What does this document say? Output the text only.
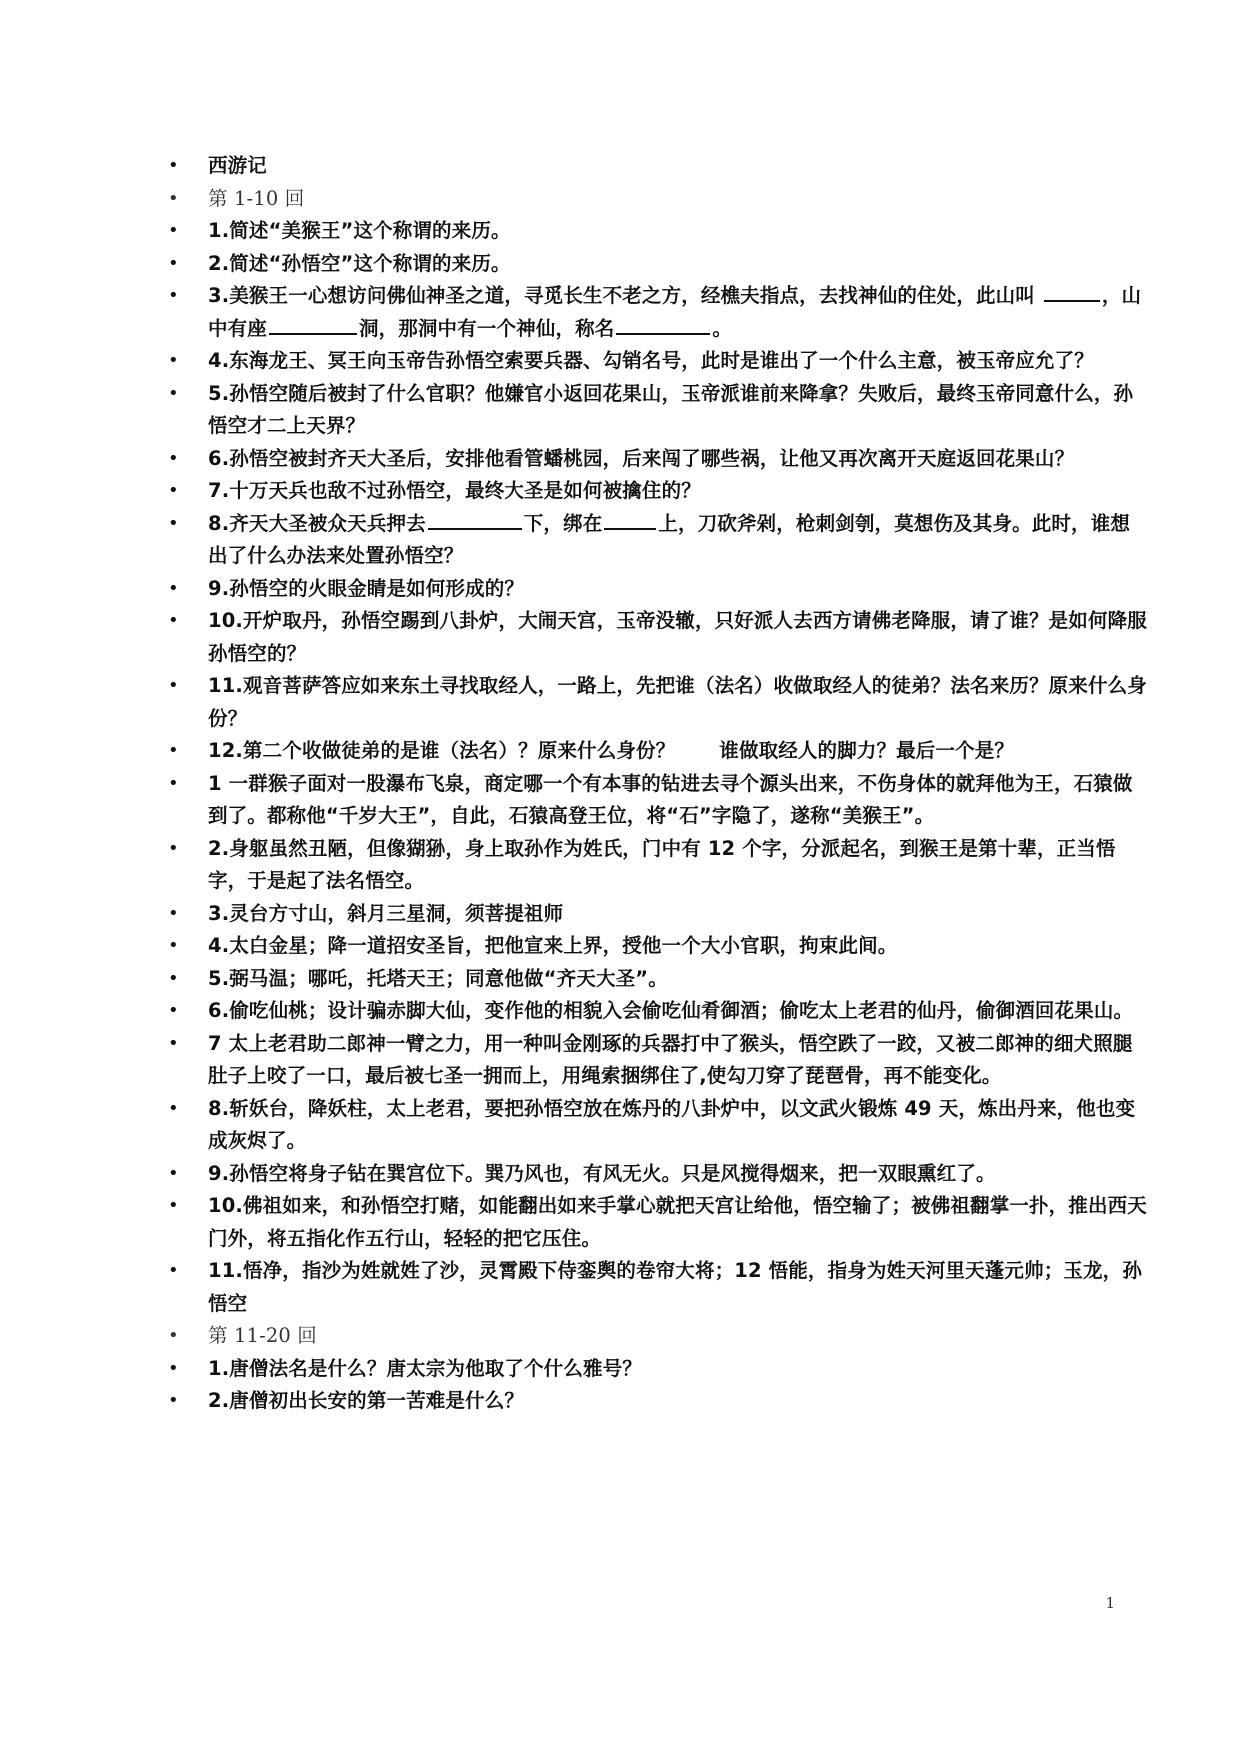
• 西游记
• 第 1-10 回
• 1.简述“美猴王”这个称谓的来历。
• 2.简述“孙悟空”这个称谓的来历。
• 3.美猴王一心想访问佛仙神圣之道，寻觅长生不老之方，经樵夫指点，去找神仙的住处，此山叫	，山中有座	洞，那洞中有一个神仙，称名	。
• 4.东海龙王、冥王向玉帝告孙悟空索要兵器、勾销名号，此时是谁出了一个什么主意，被玉帝应允了？
• 5.孙悟空随后被封了什么官职？他嫌官小返回花果山，玉帝派谁前来降拿？失败后，最终玉帝同意什么，孙悟空才二上天界？
• 6.孙悟空被封齐天大圣后，安排他看管蟠桃园，后来闯了哪些祸，让他又再次离开天庭返回花果山？
• 7.十万天兵也敌不过孙悟空，最终大圣是如何被擒住的？
• 8.齐天大圣被众天兵押去	下，绑在	上，刀砍斧剁，枪刺剑刳，莫想伤及其身。此时，谁想出了什么办法来处置孙悟空？
• 9.孙悟空的火眼金睛是如何形成的？
• 10.开炉取丹，孙悟空踢到八卦炉，大闹天宫，玉帝没辙，只好派人去西方请佛老降服，请了谁？是如何降服孙悟空的？
• 11.观音菩萨答应如来东土寻找取经人，一路上，先把谁（法名）收做取经人的徒弟？法名来历？原来什么身份？
• 12.第二个收做徒弟的是谁（法名）？原来什么身份？ 谁做取经人的脚力？最后一个是？
• 1 一群猴子面对一股瀑布飞泉，商定哪一个有本事的钻进去寻个源头出来，不伤身体的就拜他为王，石猿做到了。都称他“千岁大王”，自此，石猿高登王位，将“石”字隐了，遂称“美猴王”。
• 2.身躯虽然丑陋，但像猢狲，身上取孙作为姓氏，门中有 12 个字，分派起名，到猴王是第十辈，正当悟字，于是起了法名悟空。
• 3.灵台方寸山，斜月三星洞，须菩提祖师
• 4.太白金星；降一道招安圣旨，把他宣来上界，授他一个大小官职，拘束此间。
• 5.弼马温；哪吒，托塔天王；同意他做“齐天大圣”。
• 6.偷吃仙桃；设计骗赤脚大仙，变作他的相貌入会偷吃仙肴御酒；偷吃太上老君的仙丹，偷御酒回花果山。
• 7 太上老君助二郎神一臂之力，用一种叫金刚琢的兵器打中了猴头，悟空跌了一跤，又被二郎神的细犬照腿肚子上咬了一口，最后被七圣一拥而上，用绳索捆绑住了,使勾刀穿了琵琶骨，再不能变化。
• 8.斩妖台，降妖柱，太上老君，要把孙悟空放在炼丹的八卦炉中，以文武火锻炼 49 天，炼出丹来，他也变成灰烬了。
• 9.孙悟空将身子钻在巽宫位下。巽乃风也，有风无火。只是风搅得烟来，把一双眼熏红了。
• 10.佛祖如来，和孙悟空打赌，如能翻出如来手掌心就把天宫让给他，悟空输了；被佛祖翻掌一扑，推出西天门外，将五指化作五行山，轻轻的把它压住。
• 11.悟净，指沙为姓就姓了沙，灵霄殿下侍銮舆的卷帘大将；12 悟能，指身为姓天河里天蓬元帅；玉龙，孙悟空
• 第 11-20 回
• 1.唐僧法名是什么？唐太宗为他取了个什么雅号？
• 2.唐僧初出长安的第一苦难是什么？
1
